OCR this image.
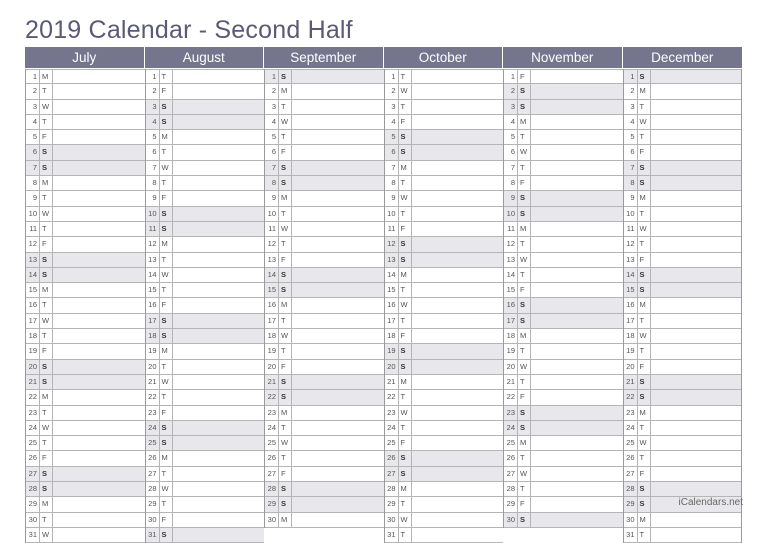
2019 Calendar - Second Half
July
1 M
2 T
3 W
4 T
5 F
6 S
7 S
8 M
9 T
10 W
11 T
12 F
13 S
14 S
15 M
16 T
17 W
18 T
19 F
20 S
21 S
22 M
23 T
24 W
25 T
26 F
27 S
28 S
29 M
30 T
31 W
August
1 T
2 F
3 S
4 S
5 M
6 T
7 W
8 T
9 F
10 S
11 S
12 M
13 T
14 W
15 T
16 F
17 S
18 S
19 M
20 T
21 W
22 T
23 F
24 S
25 S
26 M
27 T
28 W
29 T
30 F
31 S
September
1 S
2 M
3 T
4 W
5 T
6 F
7 S
8 S
9 M
10 T
11 W
12 T
13 F
14 S
15 S
16 M
17 T
18 W
19 T
20 F
21 S
22 S
23 M
24 T
25 W
26 T
27 F
28 S
29 S
30 M
October
1 T
2 W
3 T
4 F
5 S
6 S
7 M
8 T
9 W
10 T
11 F
12 S
13 S
14 M
15 T
16 W
17 T
18 F
19 S
20 S
21 M
22 T
23 W
24 T
25 F
26 S
27 S
28 M
29 T
30 W
31 T
November
1 F
2 S
3 S
4 M
5 T
6 W
7 T
8 F
9 S
10 S
11 M
12 T
13 W
14 T
15 F
16 S
17 S
18 M
19 T
20 W
21 T
22 F
23 S
24 S
25 M
26 T
27 W
28 T
29 F
30 S
December
1 S
2 M
3 T
4 W
5 T
6 F
7 S
8 S
9 M
10 T
11 W
12 T
13 F
14 S
15 S
16 M
17 T
18 W
19 T
20 F
21 S
22 S
23 M
24 T
25 W
26 T
27 F
28 S
29 S
30 M
31 T
iCalendars.net
